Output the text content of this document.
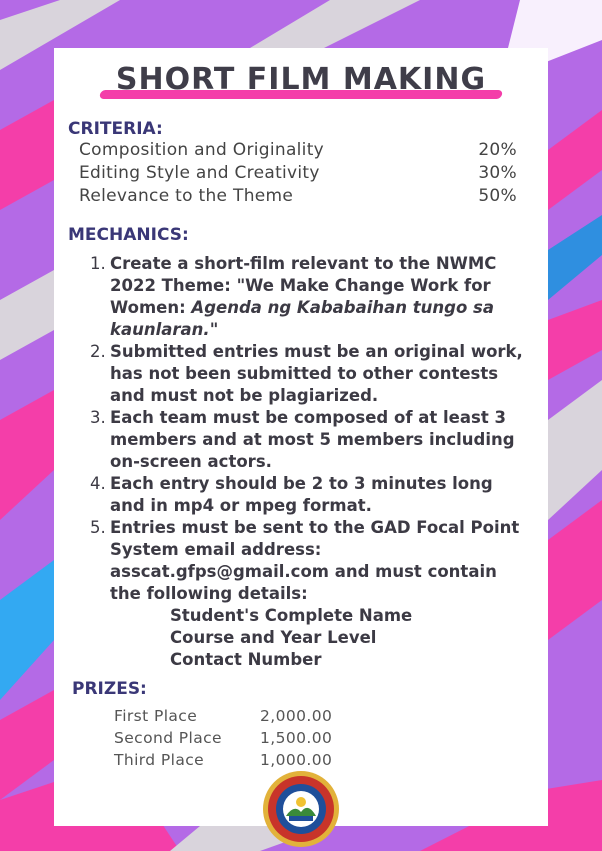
SHORT FILM MAKING
CRITERIA:
Composition and Originality	20%
Editing Style and Creativity	30%
Relevance to the Theme	50%
MECHANICS:
1. Create a short-film relevant to the NWMC 2022 Theme: "We Make Change Work for Women: Agenda ng Kababaihan tungo sa kaunlaran."
2. Submitted entries must be an original work, has not been submitted to other contests and must not be plagiarized.
3. Each team must be composed of at least 3 members and at most 5 members including on-screen actors.
4. Each entry should be 2 to 3 minutes long and in mp4 or mpeg format.
5. Entries must be sent to the GAD Focal Point System email address: asscat.gfps@gmail.com and must contain the following details:
Student's Complete Name
Course and Year Level
Contact Number
PRIZES:
First Place	2,000.00
Second Place 1,500.00
Third Place	1,000.00
